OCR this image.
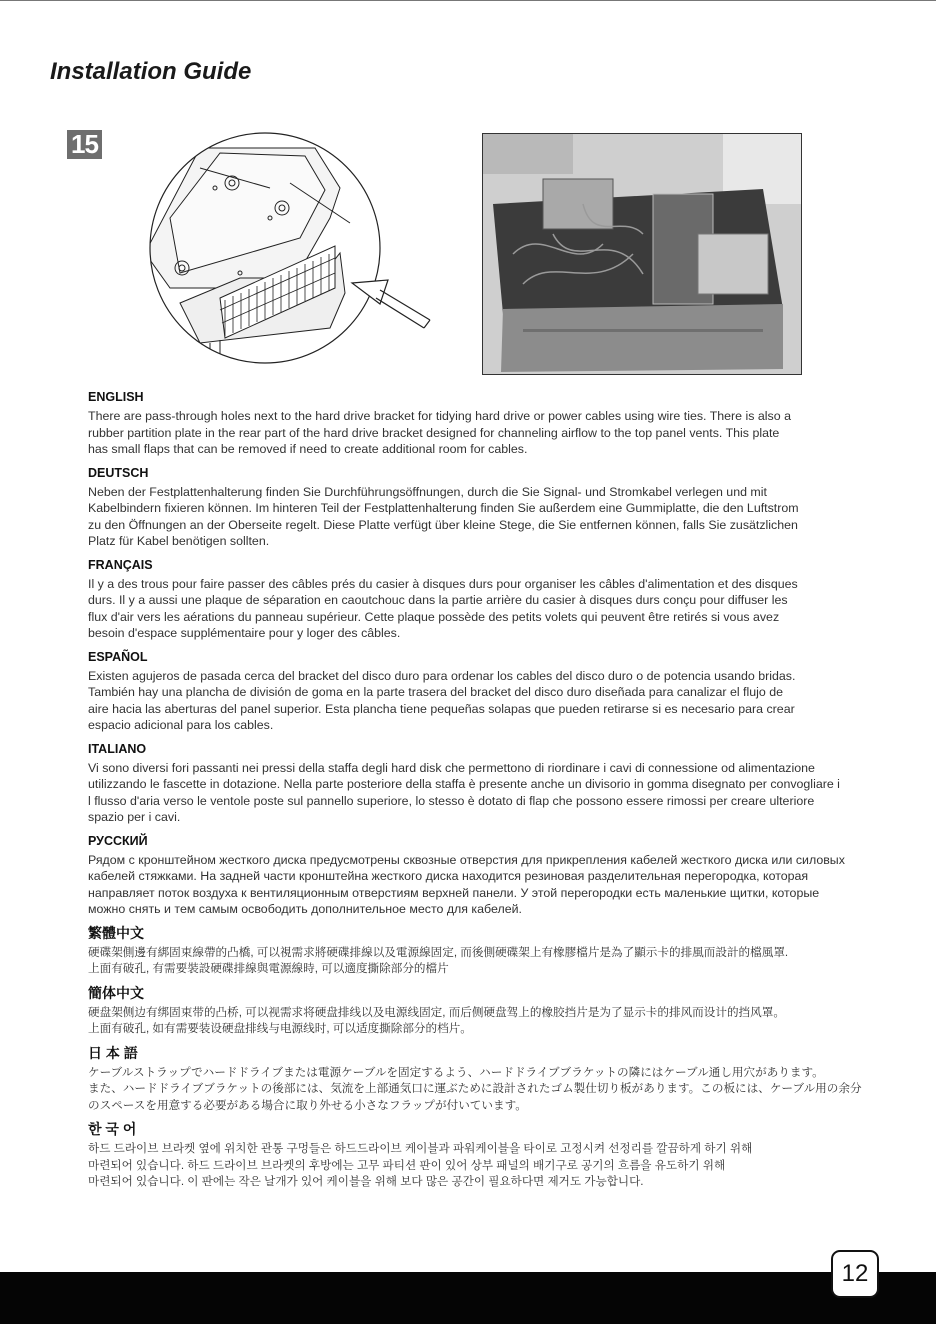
Installation Guide
15
ENGLISH

There are pass-through holes next to the hard drive bracket for tidying hard drive or power cables using wire ties. There is also a
rubber partition plate in the rear part of the hard drive bracket designed for channeling airflow to the top panel vents. This plate
has small flaps that can be removed if need to create additional room for cables.

DEUTSCH

Neben der Festplattenhalterung finden Sie Durchführungsöffnungen, durch die Sie Signal- und Stromkabel verlegen und mit
Kabelbindern fixieren können. Im hinteren Teil der Festplattenhalterung finden Sie außerdem eine Gummiplatte, die den Luftstrom
zu den Öffnungen an der Oberseite regelt. Diese Platte verfügt über kleine Stege, die Sie entfernen können, falls Sie zusätzlichen
Platz für Kabel benötigen sollten.

FRANÇAIS

Il y a des trous pour faire passer des câbles prés du casier à disques durs pour organiser les câbles d'alimentation et des disques
durs. Il y a aussi une plaque de séparation en caoutchouc dans la partie arrière du casier à disques durs conçu pour diffuser les
flux d'air vers les aérations du panneau supérieur. Cette plaque possède des petits volets qui peuvent être retirés si vous avez
besoin d'espace supplémentaire pour y loger des câbles.

ESPAÑOL

Existen agujeros de pasada cerca del bracket del disco duro para ordenar los cables del disco duro o de potencia usando bridas.
También hay una plancha de división de goma en la parte trasera del bracket del disco duro diseñada para canalizar el flujo de
aire hacia las aberturas del panel superior. Esta plancha tiene pequeñas solapas que pueden retirarse si es necesario para crear
espacio adicional para los cables.

ITALIANO

Vi sono diversi fori passanti nei pressi della staffa degli hard disk che permettono di riordinare i cavi di connessione od alimentazione
utilizzando le fascette in dotazione. Nella parte posteriore della staffa è presente anche un divisorio in gomma disegnato per convogliare i
l flusso d'aria verso le ventole poste sul pannello superiore, lo stesso è dotato di flap che possono essere rimossi per creare ulteriore
spazio per i cavi.

РУССКИЙ

Рядом с кронштейном жесткого диска предусмотрены сквозные отверстия для прикрепления кабелей жесткого диска или силовых
кабелей стяжками. На задней части кронштейна жесткого диска находится резиновая разделительная перегородка, которая
направляет поток воздуха к вентиляционным отверстиям верхней панели. У этой перегородки есть маленькие щитки, которые
можно снять и тем самым освободить дополнительное место для кабелей.

繁體中文

硬碟架側邊有綁固束線帶的凸橋, 可以視需求將硬碟排線以及電源線固定, 而後側硬碟架上有橡膠檔片是為了顯示卡的排風而設計的檔風罩.
上面有破孔, 有需要裝設硬碟排線與電源線時, 可以適度撕除部分的檔片

簡体中文

硬盘架侧边有绑固束带的凸桥, 可以视需求将硬盘排线以及电源线固定, 而后侧硬盘驾上的橡胶挡片是为了显示卡的排风而设计的挡风罩。
上面有破孔, 如有需要装设硬盘排线与电源线时, 可以适度撕除部分的档片。

日 本 語

ケーブルストラップでハードドライブまたは電源ケーブルを固定するよう、ハードドライブブラケットの隣にはケーブル通し用穴があります。
また、ハードドライブブラケットの後部には、気流を上部通気口に運ぶために設計されたゴム製仕切り板があります。この板には、ケーブル用の余分
のスペースを用意する必要がある場合に取り外せる小さなフラップが付いています。

한 국 어

하드 드라이브 브라켓 옆에 위치한 관통 구멍들은 하드드라이브 케이블과 파워케이블을 타이로 고정시켜 선정리를 깔끔하게 하기 위해
마련되어 있습니다. 하드 드라이브 브라켓의 후방에는 고무 파티션 판이 있어 상부 패널의 배기구로 공기의 흐름을 유도하기 위해
마련되어 있습니다. 이 판에는 작은 날개가 있어 케이블을 위해 보다 많은 공간이 필요하다면 제거도 가능합니다.

12
